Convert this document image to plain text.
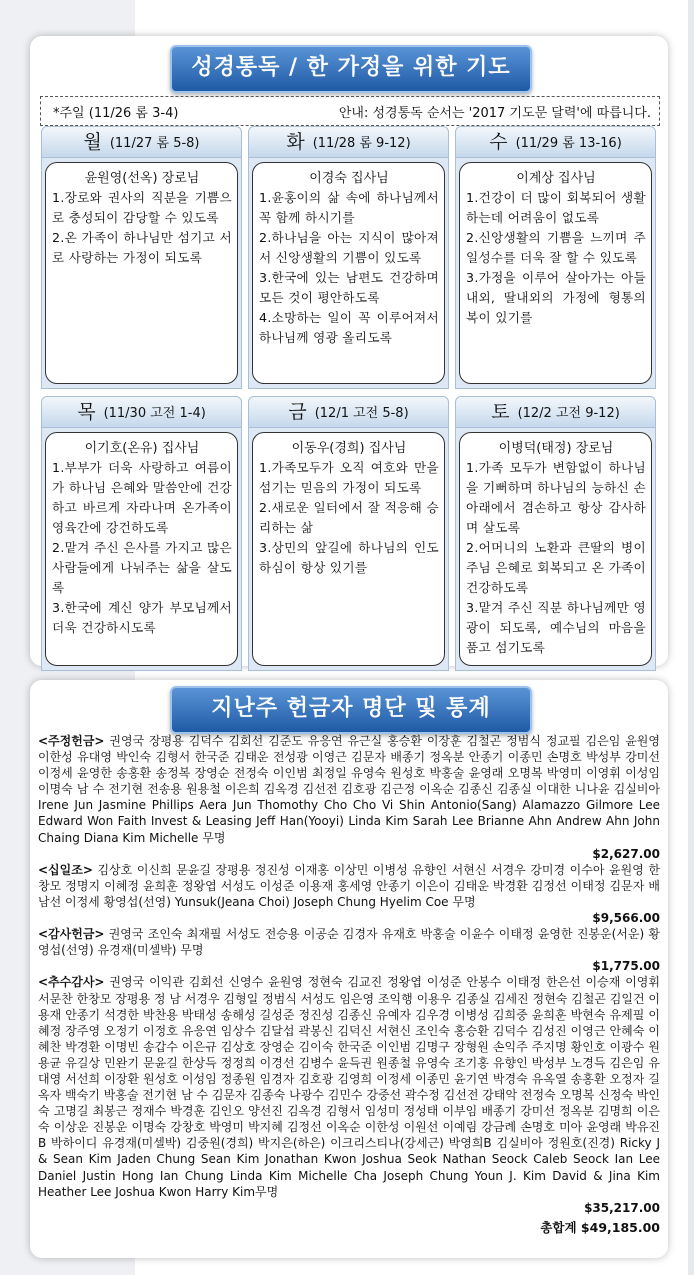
성경통독 / 한 가정을 위한 기도
*주일 (11/26 롬 3-4)	안내: 성경통독 순서는 '2017 기도문 달력'에 따릅니다.
월 (11/27 롬 5-8)
윤원영(선옥) 장로님
1.장로와 권사의 직분을 기쁨으로 충성되이 감당할 수 있도록
2.온 가족이 하나님만 섬기고 서로 사랑하는 가정이 되도록
화 (11/28 롬 9-12)
이경숙 집사님
1.윤홍이의 삶 속에 하나님께서 꼭 함께 하시기를
2.하나님을 아는 지식이 많아져서 신앙생활의 기쁨이 있도록
3.한국에 있는 남편도 건강하며 모든 것이 평안하도록
4.소망하는 일이 꼭 이루어져서 하나님께 영광 올리도록
수 (11/29 롬 13-16)
이계상 집사님
1.건강이 더 많이 회복되어 생활하는데 어려움이 없도록
2.신앙생활의 기쁨을 느끼며 주일성수를 더욱 잘 할 수 있도록
3.가정을 이루어 살아가는 아들내외, 딸내외의 가정에 형통의 복이 있기를
목 (11/30 고전 1-4)
이기호(온유) 집사님
1.부부가 더욱 사랑하고 여름이가 하나님 은혜와 말씀안에 건강하고 바르게 자라나며 온가족이 영육간에 강건하도록
2.맡겨 주신 은사를 가지고 많은 사람들에게 나눠주는 삶을 살도록
3.한국에 계신 양가 부모님께서 더욱 건강하시도록
금 (12/1 고전 5-8)
이동우(경희) 집사님
1.가족모두가 오직 여호와 만을 섬기는 믿음의 가정이 되도록
2.새로운 일터에서 잘 적응해 승리하는 삶
3.상민의 앞길에 하나님의 인도하심이 항상 있기를
토 (12/2 고전 9-12)
이병덕(태정) 장로님
1.가족 모두가 변함없이 하나님을 기뻐하며 하나님의 능하신 손 아래에서 겸손하고 항상 감사하며 살도록
2.어머니의 노환과 큰딸의 병이 주님 은혜로 회복되고 온 가족이 건강하도록
3.맡겨 주신 직분 하나님께만 영광이 되도록, 예수님의 마음을 품고 섬기도록
지난주 헌금자 명단 및 통계

<주정헌금> 권영국 장평용 김덕수 김회선 김준도 유응연 유근실 홍승환 이장훈 김철곤 정범식 정교필 김은임 윤원영 이한성 유대영 박인숙 김형서 한국준 김태운 전성광 이영근 김문자 배종기 정옥분 안종기 이종민 손명호 박성부 강미선 이정세 윤영한 송홍환 송정복 장영순 전정숙 이인범 최정일 유영숙 원성호 박홍술 윤영래 오명복 박영미 이영휘 이성임 이명숙 남 수 전기현 전송용 원용철 이은희 김옥경 김선전 김호광 김근정 이옥순 김종신 김종실 이대한 니나윤 김실비아 Irene Jun Jasmine Phillips Aera Jun Thomothy Cho Cho Vi Shin Antonio(Sang) Alamazzo Gilmore Lee Edward Won Faith Invest & Leasing Jeff Han(Yooyi) Linda Kim Sarah Lee Brianne Ahn Andrew Ahn John Chaing Diana Kim Michelle 무명

$2,627.00

<십일조> 김상호 이신희 문윤길 장평용 정진성 이재홍 이상민 이병성 유향인 서현신 서경우 강미경 이수아 윤원영 한창모 정명지 이혜정 윤희훈 정왕엽 서성도 이성준 이용재 홍세영 안종기 이은이 김태운 박경환 김정선 이태정 김문자 배남선 이정세 황영섭(선영) Yunsuk(Jeana Choi) Joseph Chung Hyelim Coe 무명

$9,566.00

<감사헌금> 권영국 조인숙 최재필 서성도 전승용 이공순 김경자 유재호 박홍술 이윤수 이태정 윤영한 진봉운(서운) 황영섭(선영) 유경재(미셀박) 무명

$1,775.00

<추수감사> 권영국 이익관 김회선 신영수 윤원영 정현숙 김교진 정왕엽 이성준 안봉수 이태정 한은선 이승재 이영휘 서문찬 한창모 장평용 정 남 서경우 김형일 정범식 서성도 임은영 조익행 이용우 김종실 김세진 정현숙 김철곤 김일건 이용재 안종기 석경한 박찬용 박태성 송해성 길성준 정진성 김종신 유예자 김우경 이병성 김희중 윤희훈 박현숙 유제필 이혜정 장주영 오정기 이정호 유응연 임상수 김달섭 곽봉신 김덕신 서현신 조인숙 홍승환 김덕수 김성진 이영근 안혜숙 이혜찬 박경환 이명빈 송갑수 이은규 김상호 장영순 김이숙 한국준 이인범 김명구 장형원 손익주 주지명 황인호 이광수 원용균 유길상 민완기 문윤길 한상득 정정희 이경선 김병수 윤득권 원종철 유영숙 조기홍 유향인 박성부 노경득 김은임 유대영 서선희 이장환 원성호 이성임 정종원 임경자 김호광 김영희 이정세 이종민 윤기연 박경숙 유옥열 송홍환 오정자 길옥자 백숙기 박홍술 전기현 남 수 김문자 김종숙 나광수 김민수 강중선 곽수정 김선전 강태악 전정숙 오명복 신정숙 박인숙 고명길 최봉근 정재수 박경훈 김인오 양선진 김옥경 김형서 임성미 정성태 이부임 배종기 강미선 정옥분 김명희 이은숙 이상운 진봉운 이명숙 강창호 박영미 박지혜 김정선 이옥순 이한성 이원선 이예림 강금례 손명호 미아 윤영래 박유진B 박하이디 유경재(미셀박) 김중원(경희) 박지은(하은) 이크리스티나(강세근) 박영희B 김실비아 정원호(진경) Ricky J & Sean Kim Jaden Chung Sean Kim Jonathan Kwon Joshua Seok Nathan Seock Caleb Seock Ian Lee Daniel Justin Hong Ian Chung Linda Kim Michelle Cha Joseph Chung Youn J. Kim David & Jina Kim Heather Lee Joshua Kwon Harry Kim무명

$35,217.00

총합계 $49,185.00
